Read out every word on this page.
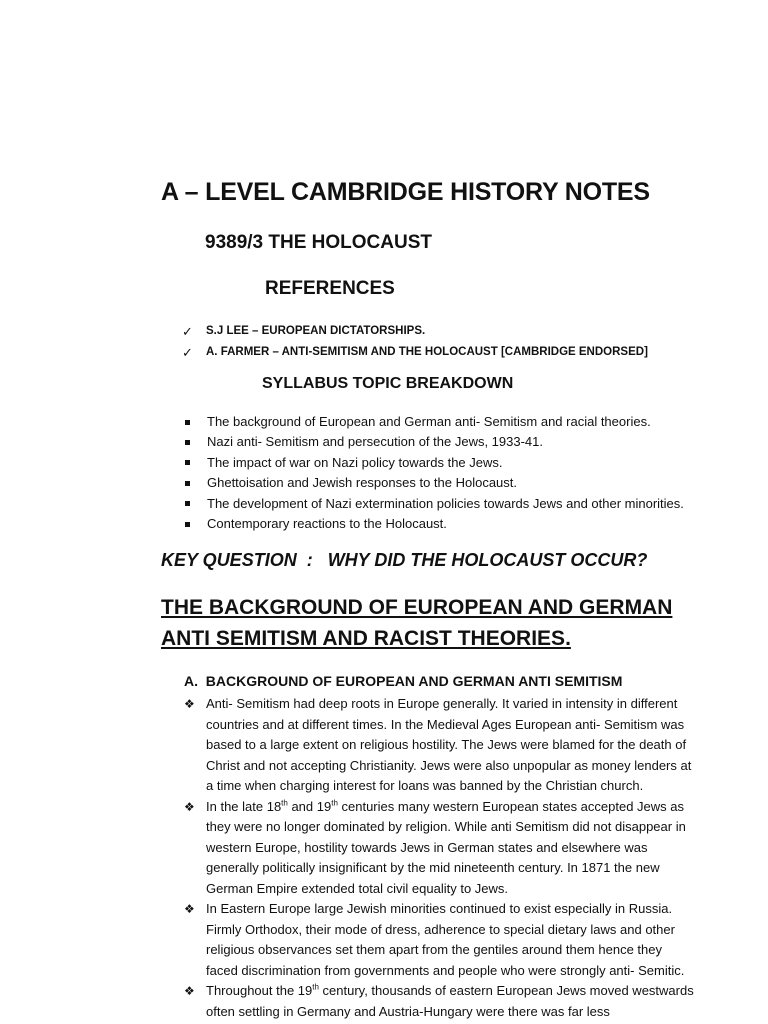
A – LEVEL CAMBRIDGE HISTORY NOTES
9389/3 THE HOLOCAUST
REFERENCES
✓	S.J LEE – EUROPEAN DICTATORSHIPS.
✓	A. FARMER – ANTI-SEMITISM AND THE HOLOCAUST [CAMBRIDGE ENDORSED]
SYLLABUS TOPIC BREAKDOWN
The background of European and German anti- Semitism and racial theories.
Nazi anti- Semitism and persecution of the Jews, 1933-41.
The impact of war on Nazi policy towards the Jews.
Ghettoisation and Jewish responses to the Holocaust.
The development of Nazi extermination policies towards Jews and other minorities.
Contemporary reactions to the Holocaust.
KEY QUESTION  :   WHY DID THE HOLOCAUST OCCUR?
THE BACKGROUND OF EUROPEAN AND GERMAN
ANTI SEMITISM AND RACIST THEORIES.
A.  BACKGROUND OF EUROPEAN AND GERMAN ANTI SEMITISM
❖ Anti- Semitism had deep roots in Europe generally. It varied in intensity in different
countries and at different times. In the Medieval Ages European anti- Semitism was
based to a large extent on religious hostility. The Jews were blamed for the death of
Christ and not accepting Christianity. Jews were also unpopular as money lenders at
a time when charging interest for loans was banned by the Christian church.
❖ In the late 18th and 19th centuries many western European states accepted Jews as
they were no longer dominated by religion. While anti Semitism did not disappear in
western Europe, hostility towards Jews in German states and elsewhere was
generally politically insignificant by the mid nineteenth century. In 1871 the new
German Empire extended total civil equality to Jews.
❖ In Eastern Europe large Jewish minorities continued to exist especially in Russia.
Firmly Orthodox, their mode of dress, adherence to special dietary laws and other
religious observances set them apart from the gentiles around them hence they
faced discrimination from governments and people who were strongly anti- Semitic.
❖ Throughout the 19th century, thousands of eastern European Jews moved westwards
often settling in Germany and Austria-Hungary were there was far less
